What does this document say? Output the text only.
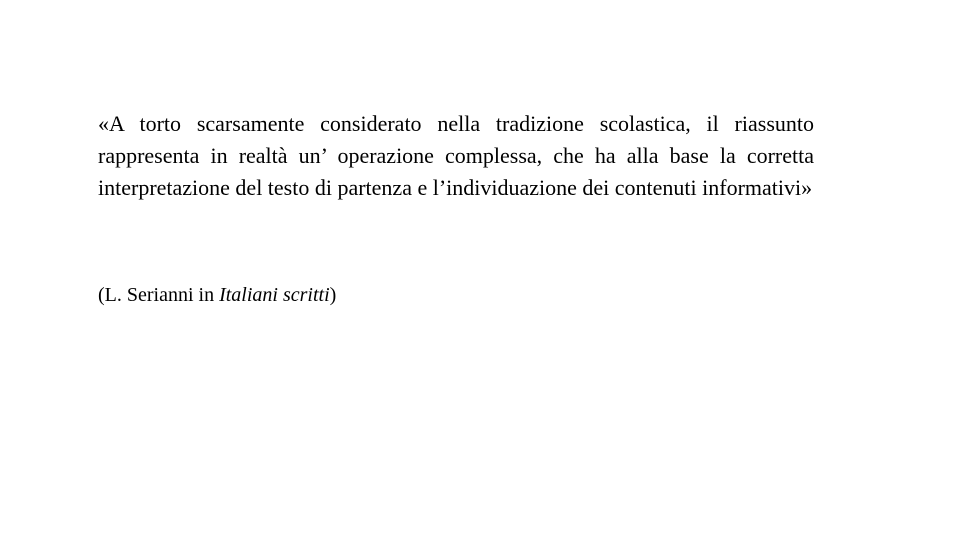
«A torto scarsamente considerato nella tradizione scolastica, il riassunto rappresenta in realtà un’ operazione complessa, che ha alla base la corretta interpretazione del testo di partenza e l’individuazione dei contenuti informativi»

(L. Serianni in Italiani scritti)
